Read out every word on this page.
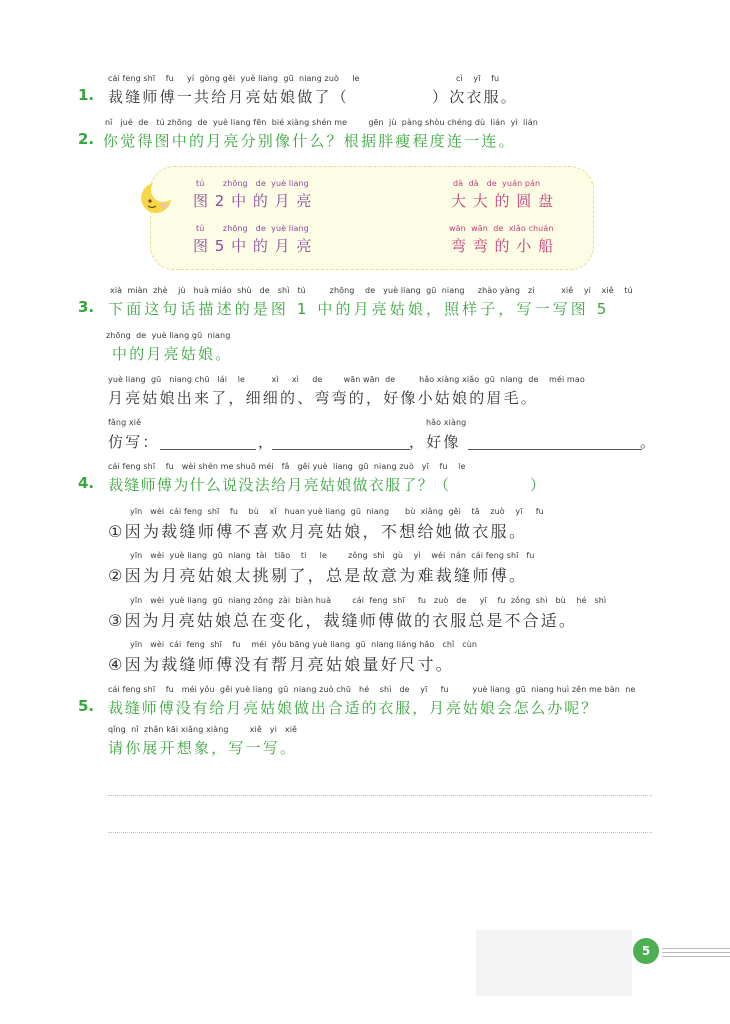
1.
cái feng shī    fu     yí  gòng gěi  yuè liang  gū  niang zuò     le
裁缝师傅一共给月亮姑娘做了（
cì    yī    fu
）次衣服。
2.
nǐ   jué  de   tú zhōng  de  yuè liang fēn  bié xiàng shén me        gēn  jù  pàng shòu chéng dù  lián  yì  lián
你觉得图中的月亮分别像什么？根据胖瘦程度连一连。
tú       zhōng   de  yuè liang
图 2 中 的 月 亮
dà  dà   de  yuán pán
大 大 的 圆 盘
tú       zhōng   de  yuè liang
图 5 中 的 月 亮
wān  wān  de  xiǎo chuán
弯 弯 的 小 船
3.
xià  miàn  zhè    jù   huà miáo  shù   de   shì   tú         zhōng    de   yuè liang  gū  niang     zhào yàng   zi          xiě    yi    xiě    tú
下面这句话描述的是图 1 中的月亮姑娘，照样子，写一写图 5
zhōng  de  yuè liang gū  niang
中的月亮姑娘。
yuè liang  gū   niang chū   lái    le          xì     xì     de        wān wān  de         hǎo xiàng xiǎo  gū  niang  de    méi mao
月亮姑娘出来了，细细的、弯弯的，好像小姑娘的眉毛。
fǎng xiě
仿写：	，
hǎo xiàng
，好像	。
4.
cái feng shī    fu   wèi shén me shuō méi   fǎ   gěi yuè  liang  gū  niang zuò   yī    fu    le
裁缝师傅为什么说没法给月亮姑娘做衣服了？（	）
yīn   wèi  cái feng  shī    fu    bù    xǐ   huan yuè liang  gū  niang      bù  xiǎng  gěi    tā    zuò    yī     fu
①因为裁缝师傅不喜欢月亮姑娘，不想给她做衣服。
yīn   wèi  yuè liang  gū  niang  tài   tiāo    ti     le        zǒng  shì   gù    yì    wéi  nán  cái feng shī   fu
②因为月亮姑娘太挑剔了，总是故意为难裁缝师傅。
yīn   wèi  yuè liang  gū  niang zǒng  zài  biàn huà        cái  feng  shī     fu   zuò   de     yī    fu  zǒng  shì   bù    hé   shì
③因为月亮姑娘总在变化，裁缝师傅做的衣服总是不合适。
yīn   wèi  cái  feng  shī    fu    méi  yǒu bāng yuè liang  gū  niang liáng hǎo   chǐ   cùn
④因为裁缝师傅没有帮月亮姑娘量好尺寸。
5.
cái feng shī    fu   méi yǒu  gěi yuè liang  gū  niang zuò chū   hé    shì   de    yī     fu         yuè liang  gū  niang huì zěn me bàn  ne
裁缝师傅没有给月亮姑娘做出合适的衣服，月亮姑娘会怎么办呢？
qǐng  nǐ  zhǎn kāi xiǎng xiàng        xiě   yi   xiě
请你展开想象，写一写。
5
